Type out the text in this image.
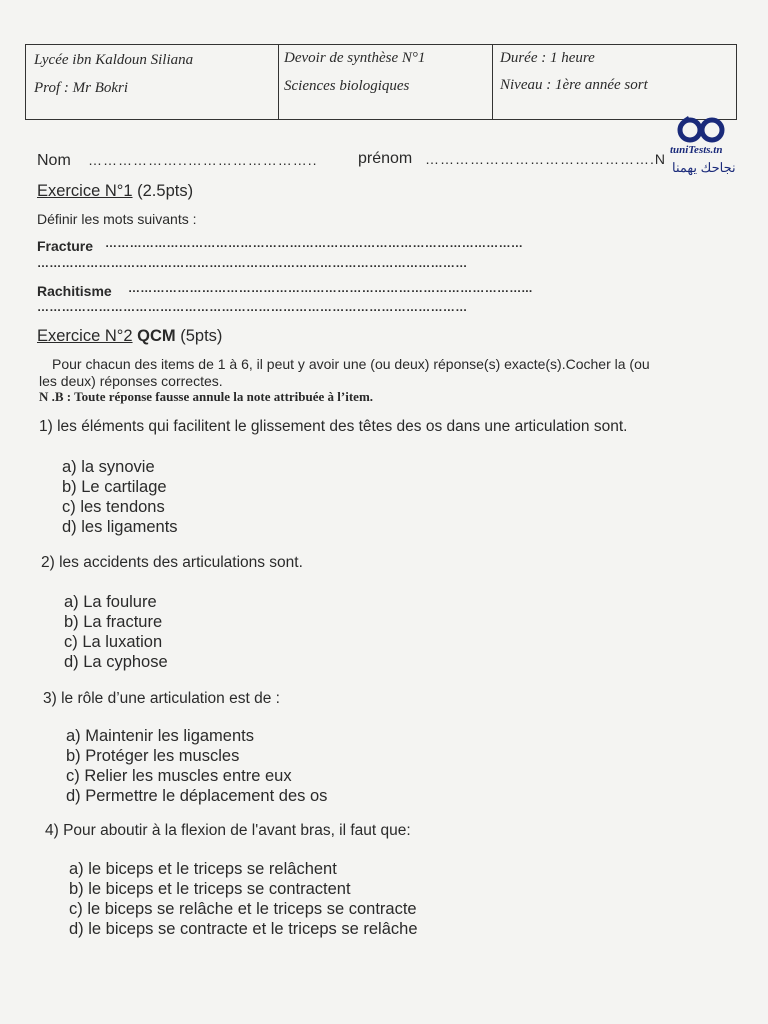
Lycée ibn Kaldoun Siliana
Prof : Mr Bokri
Devoir de synthèse N°1
Sciences biologiques
Durée : 1 heure
Niveau : 1ère année sort
tuniTests.tn
نجاحك يهمنا
Nom ………………..……………………..	prénom ……………………………………….N
Exercice N°1 (2.5pts)
Définir les mots suivants :
Fracture …………………………………………………………………………………………
……………………………………………………………………………………………
Rachitisme ……………………………………………………………………………………...
……………………………………………………………………………………………
Exercice N°2 QCM (5pts)
Pour chacun des items de 1 à 6, il peut y avoir une (ou deux) réponse(s) exacte(s).Cocher la (ou
les deux) réponses correctes.
N .B : Toute réponse fausse annule la note attribuée à l’item.
1) les éléments qui facilitent le glissement des têtes des os dans une articulation sont.
a) la synovie
b) Le cartilage
c) les tendons
d) les ligaments
2) les accidents des articulations sont.
a) La foulure
b) La fracture
c) La luxation
d) La cyphose
3) le rôle d’une articulation est de :
a) Maintenir les ligaments
b) Protéger les muscles
c) Relier les muscles entre eux
d) Permettre le déplacement des os
4) Pour aboutir à la flexion de l'avant bras, il faut que:
a) le biceps et le triceps se relâchent
b) le biceps et le triceps se contractent
c) le biceps se relâche et le triceps se contracte
d) le biceps se contracte et le triceps se relâche
